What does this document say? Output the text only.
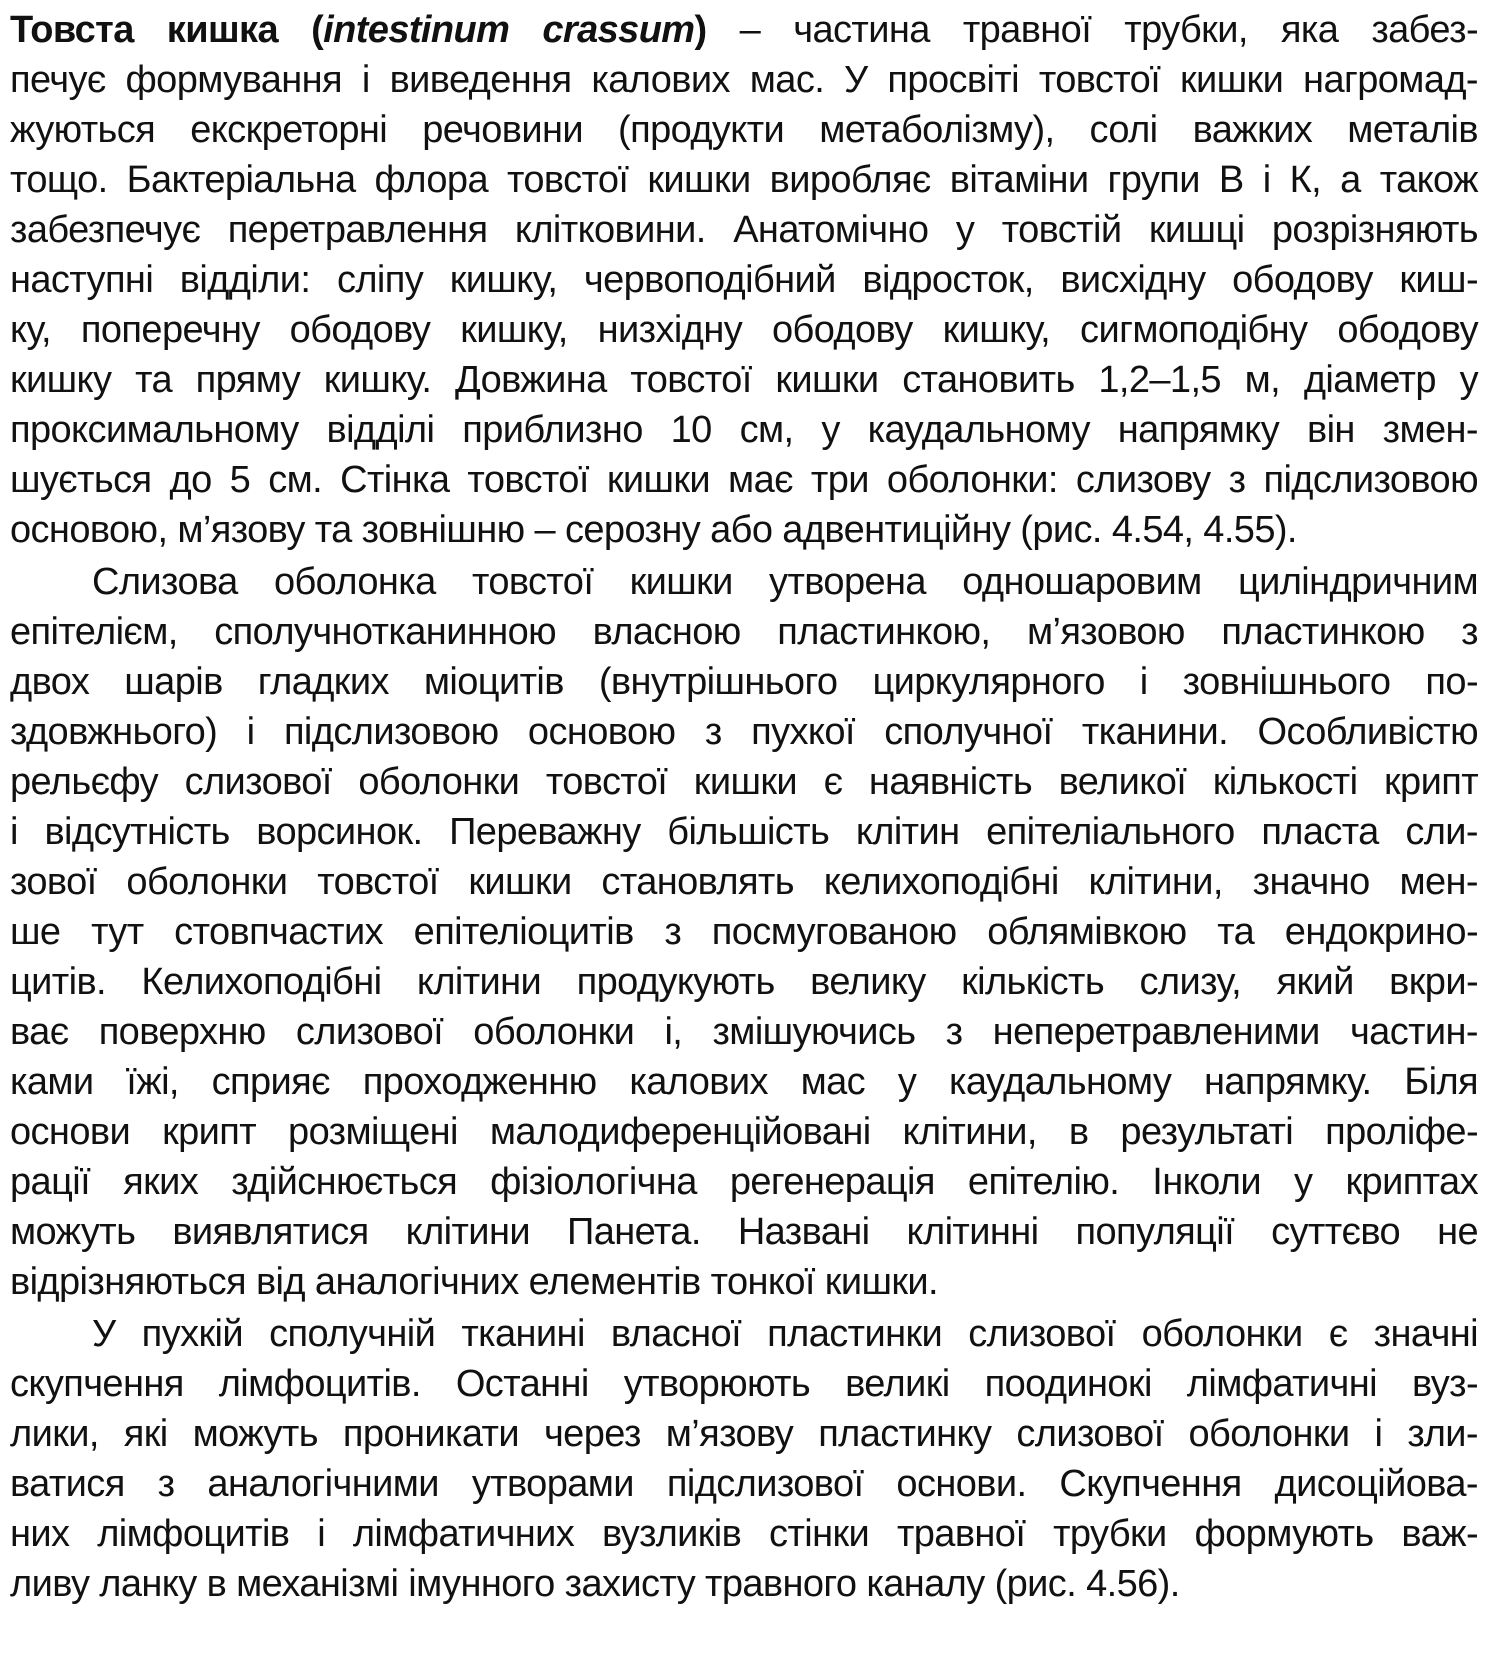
Товста кишка (intestinum crassum) – частина травної трубки, яка забез-
печує формування і виведення калових мас. У просвіті товстої кишки нагромад-
жуються екскреторні речовини (продукти метаболізму), солі важких металів
тощо. Бактеріальна флора товстої кишки виробляє вітаміни групи В і К, а також
забезпечує перетравлення клітковини. Анатомічно у товстій кишці розрізняють
наступні відділи: сліпу кишку, червоподібний відросток, висхідну ободову киш-
ку, поперечну ободову кишку, низхідну ободову кишку, сигмоподібну ободову
кишку та пряму кишку. Довжина товстої кишки становить 1,2–1,5 м, діаметр у
проксимальному відділі приблизно 10 см, у каудальному напрямку він змен-
шується до 5 см. Стінка товстої кишки має три оболонки: слизову з підслизовою
основою, м’язову та зовнішню – серозну або адвентиційну (рис. 4.54, 4.55).
Слизова оболонка товстої кишки утворена одношаровим циліндричним
епітелієм, сполучнотканинною власною пластинкою, м’язовою пластинкою з
двох шарів гладких міоцитів (внутрішнього циркулярного і зовнішнього по-
здовжнього) і підслизовою основою з пухкої сполучної тканини. Особливістю
рельєфу слизової оболонки товстої кишки є наявність великої кількості крипт
і відсутність ворсинок. Переважну більшість клітин епітеліального пласта сли-
зової оболонки товстої кишки становлять келихоподібні клітини, значно мен-
ше тут стовпчастих епітеліоцитів з посмугованою облямівкою та ендокрино-
цитів. Келихоподібні клітини продукують велику кількість слизу, який вкри-
ває поверхню слизової оболонки і, змішуючись з неперетравленими частин-
ками їжі, сприяє проходженню калових мас у каудальному напрямку. Біля
основи крипт розміщені малодиференційовані клітини, в результаті проліфе-
рації яких здійснюється фізіологічна регенерація епітелію. Інколи у криптах
можуть виявлятися клітини Панета. Названі клітинні популяції суттєво не
відрізняються від аналогічних елементів тонкої кишки.
У пухкій сполучній тканині власної пластинки слизової оболонки є значні
скупчення лімфоцитів. Останні утворюють великі поодинокі лімфатичні вуз-
лики, які можуть проникати через м’язову пластинку слизової оболонки і зли-
ватися з аналогічними утворами підслизової основи. Скупчення дисоційова-
них лімфоцитів і лімфатичних вузликів стінки травної трубки формують важ-
ливу ланку в механізмі імунного захисту травного каналу (рис. 4.56).
